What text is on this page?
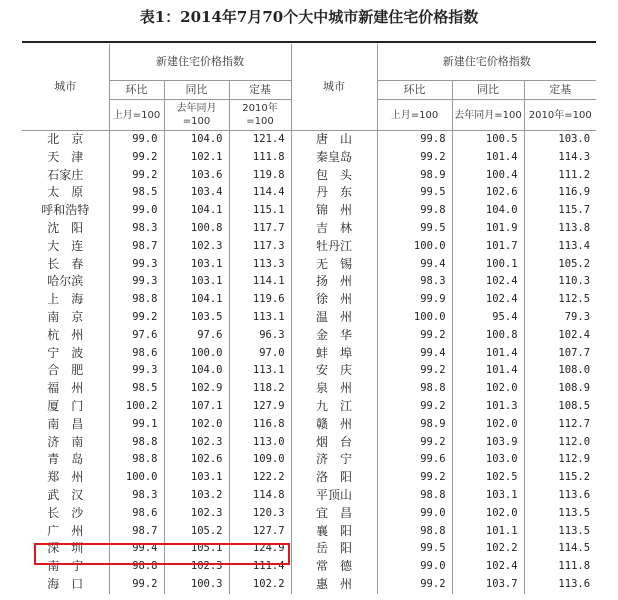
表1：2014年7月70个大中城市新建住宅价格指数
城市	新建住宅价格指数			城市	新建住宅价格指数		
	环比	同比	定基		环比	同比	定基
	上月=100	去年同月=100	2010年=100		上月=100	去年同月=100	2010年=100
北　京	99.0	104.0	121.4	唐　山	99.8	100.5	103.0
天　津	99.2	102.1	111.8	秦皇岛	99.2	101.4	114.3
石家庄	99.2	103.6	119.8	包　头	98.9	100.4	111.2
太　原	98.5	103.4	114.4	丹　东	99.5	102.6	116.9
呼和浩特	99.0	104.1	115.1	锦　州	99.8	104.0	115.7
沈　阳	98.3	100.8	117.7	吉　林	99.5	101.9	113.8
大　连	98.7	102.3	117.3	牡丹江	100.0	101.7	113.4
长　春	99.3	103.1	113.3	无　锡	99.4	100.1	105.2
哈尔滨	99.3	103.1	114.1	扬　州	98.3	102.4	110.3
上　海	98.8	104.1	119.6	徐　州	99.9	102.4	112.5
南　京	99.2	103.5	113.1	温　州	100.0	95.4	79.3
杭　州	97.6	97.6	96.3	金　华	99.2	100.8	102.4
宁　波	98.6	100.0	97.0	蚌　埠	99.4	101.4	107.7
合　肥	99.3	104.0	113.1	安　庆	99.2	101.4	108.0
福　州	98.5	102.9	118.2	泉　州	98.8	102.0	108.9
厦　门	100.2	107.1	127.9	九　江	99.2	101.3	108.5
南　昌	99.1	102.0	116.8	赣　州	98.9	102.0	112.7
济　南	98.8	102.3	113.0	烟　台	99.2	103.9	112.0
青　岛	98.8	102.6	109.0	济　宁	99.6	103.0	112.9
郑　州	100.0	103.1	122.2	洛　阳	99.2	102.5	115.2
武　汉	98.3	103.2	114.8	平顶山	98.8	103.1	113.6
长　沙	98.6	102.3	120.3	宜　昌	99.0	102.0	113.5
广　州	98.7	105.2	127.7	襄　阳	98.8	101.1	113.5
深　圳	99.4	105.1	124.9	岳　阳	99.5	102.2	114.5
南　宁	98.8	102.3	111.4	常　德	99.0	102.4	111.8
海　口	99.2	100.3	102.2	惠　州	99.2	103.7	113.6
